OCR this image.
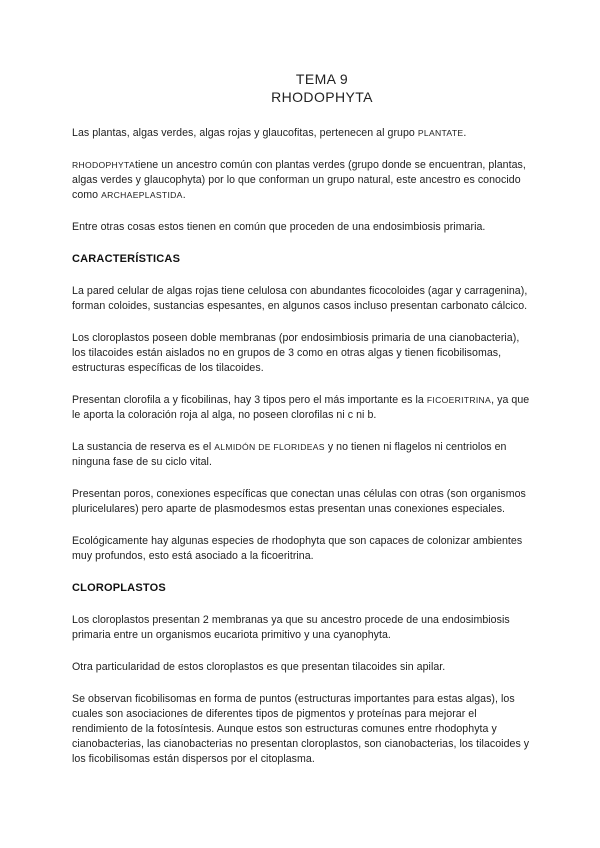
TEMA 9
RHODOPHYTA

Las plantas, algas verdes, algas rojas y glaucofitas, pertenecen al grupo PLANTATE.

RHODOPHYTAtiene un ancestro común con plantas verdes (grupo donde se encuentran, plantas, algas verdes y glaucophyta) por lo que conforman un grupo natural, este ancestro es conocido como ARCHAEPLASTIDA.

Entre otras cosas estos tienen en común que proceden de una endosimbiosis primaria.

CARACTERÍSTICAS

La pared celular de algas rojas tiene celulosa con abundantes ficocoloides (agar y carragenina), forman coloides, sustancias espesantes, en algunos casos incluso presentan carbonato cálcico.

Los cloroplastos poseen doble membranas (por endosimbiosis primaria de una cianobacteria), los tilacoides están aislados no en grupos de 3 como en otras algas y tienen ficobilisomas, estructuras específicas de los tilacoides.

Presentan clorofila a y ficobilinas, hay 3 tipos pero el más importante es la FICOERITRINA, ya que le aporta la coloración roja al alga, no poseen clorofilas ni c ni b.

La sustancia de reserva es el ALMIDÓN DE FLORIDEAS y no tienen ni flagelos ni centriolos en ninguna fase de su ciclo vital.

Presentan poros, conexiones específicas que conectan unas células con otras (son organismos pluricelulares) pero aparte de plasmodesmos estas presentan unas conexiones especiales.

Ecológicamente hay algunas especies de rhodophyta que son capaces de colonizar ambientes muy profundos, esto está asociado a la ficoeritrina.

CLOROPLASTOS

Los cloroplastos presentan 2 membranas ya que su ancestro procede de una endosimbiosis primaria entre un organismos eucariota primitivo y una cyanophyta.

Otra particularidad de estos cloroplastos es que presentan tilacoides sin apilar.

Se observan ficobilisomas en forma de puntos (estructuras importantes para estas algas), los cuales son asociaciones de diferentes tipos de pigmentos y proteínas para mejorar el rendimiento de la fotosíntesis. Aunque estos son estructuras comunes entre rhodophyta y cianobacterias, las cianobacterias no presentan cloroplastos, son cianobacterias, los tilacoides y los ficobilisomas están dispersos por el citoplasma.
